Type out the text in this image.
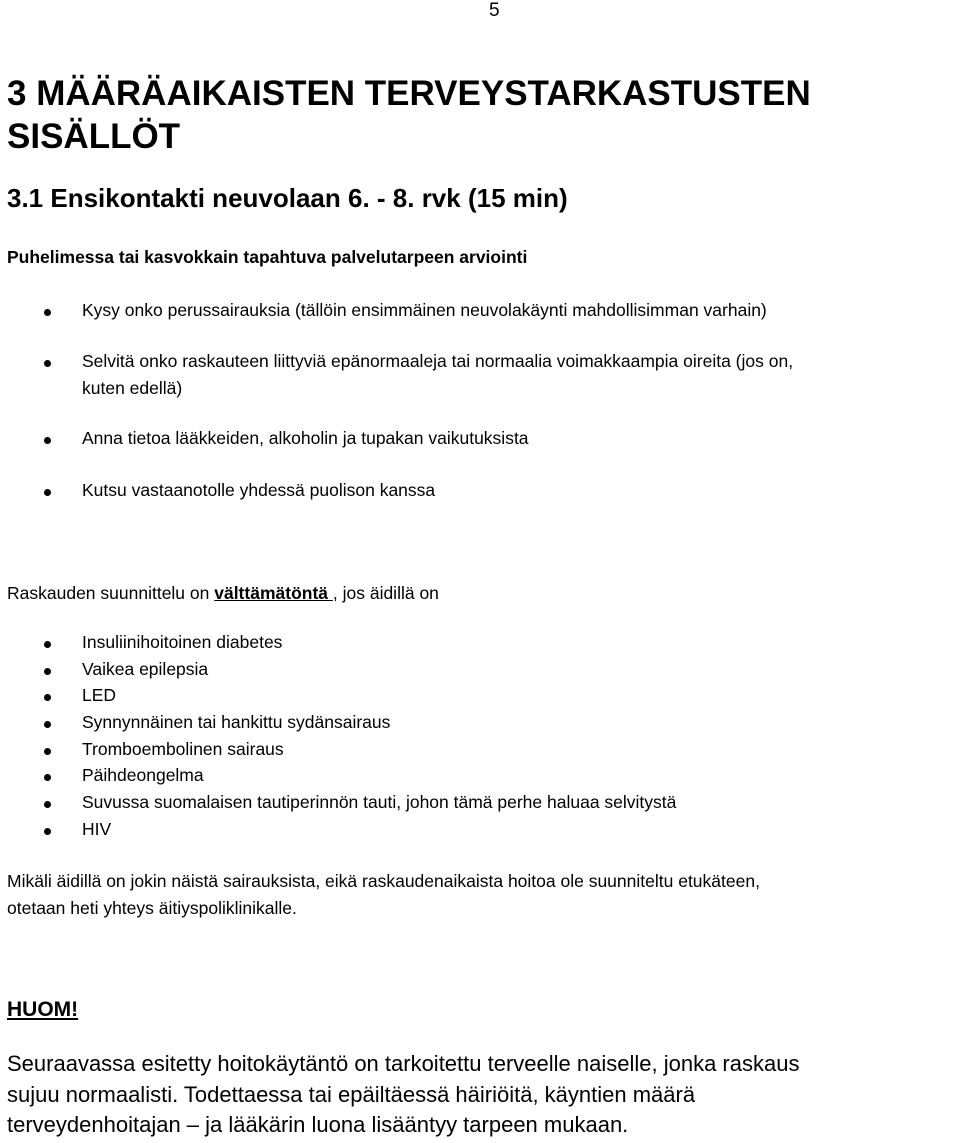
5
3 MÄÄRÄAIKAISTEN TERVEYSTARKASTUSTEN
SISÄLLÖT
3.1 Ensikontakti neuvolaan 6. - 8. rvk (15 min)
Puhelimessa tai kasvokkain tapahtuva palvelutarpeen arviointi
Kysy onko perussairauksia (tällöin ensimmäinen neuvolakäynti mahdollisimman varhain)
Selvitä onko raskauteen liittyviä epänormaaleja tai normaalia voimakkaampia oireita (jos on,
kuten edellä)
Anna tietoa lääkkeiden, alkoholin ja tupakan vaikutuksista
Kutsu vastaanotolle yhdessä puolison kanssa
Raskauden suunnittelu on välttämätöntä , jos äidillä on
Insuliinihoitoinen diabetes
Vaikea epilepsia
LED
Synnynnäinen tai hankittu sydänsairaus
Tromboembolinen sairaus
Päihdeongelma
Suvussa suomalaisen tautiperinnön tauti, johon tämä perhe haluaa selvitystä
HIV
Mikäli äidillä on jokin näistä sairauksista, eikä raskaudenaikaista hoitoa ole suunniteltu etukäteen,
otetaan heti yhteys äitiyspoliklinikalle.
HUOM!
Seuraavassa esitetty hoitokäytäntö on tarkoitettu terveelle naiselle, jonka raskaus
sujuu normaalisti. Todettaessa tai epäiltäessä häiriöitä, käyntien määrä
terveydenhoitajan – ja lääkärin luona lisääntyy tarpeen mukaan.
